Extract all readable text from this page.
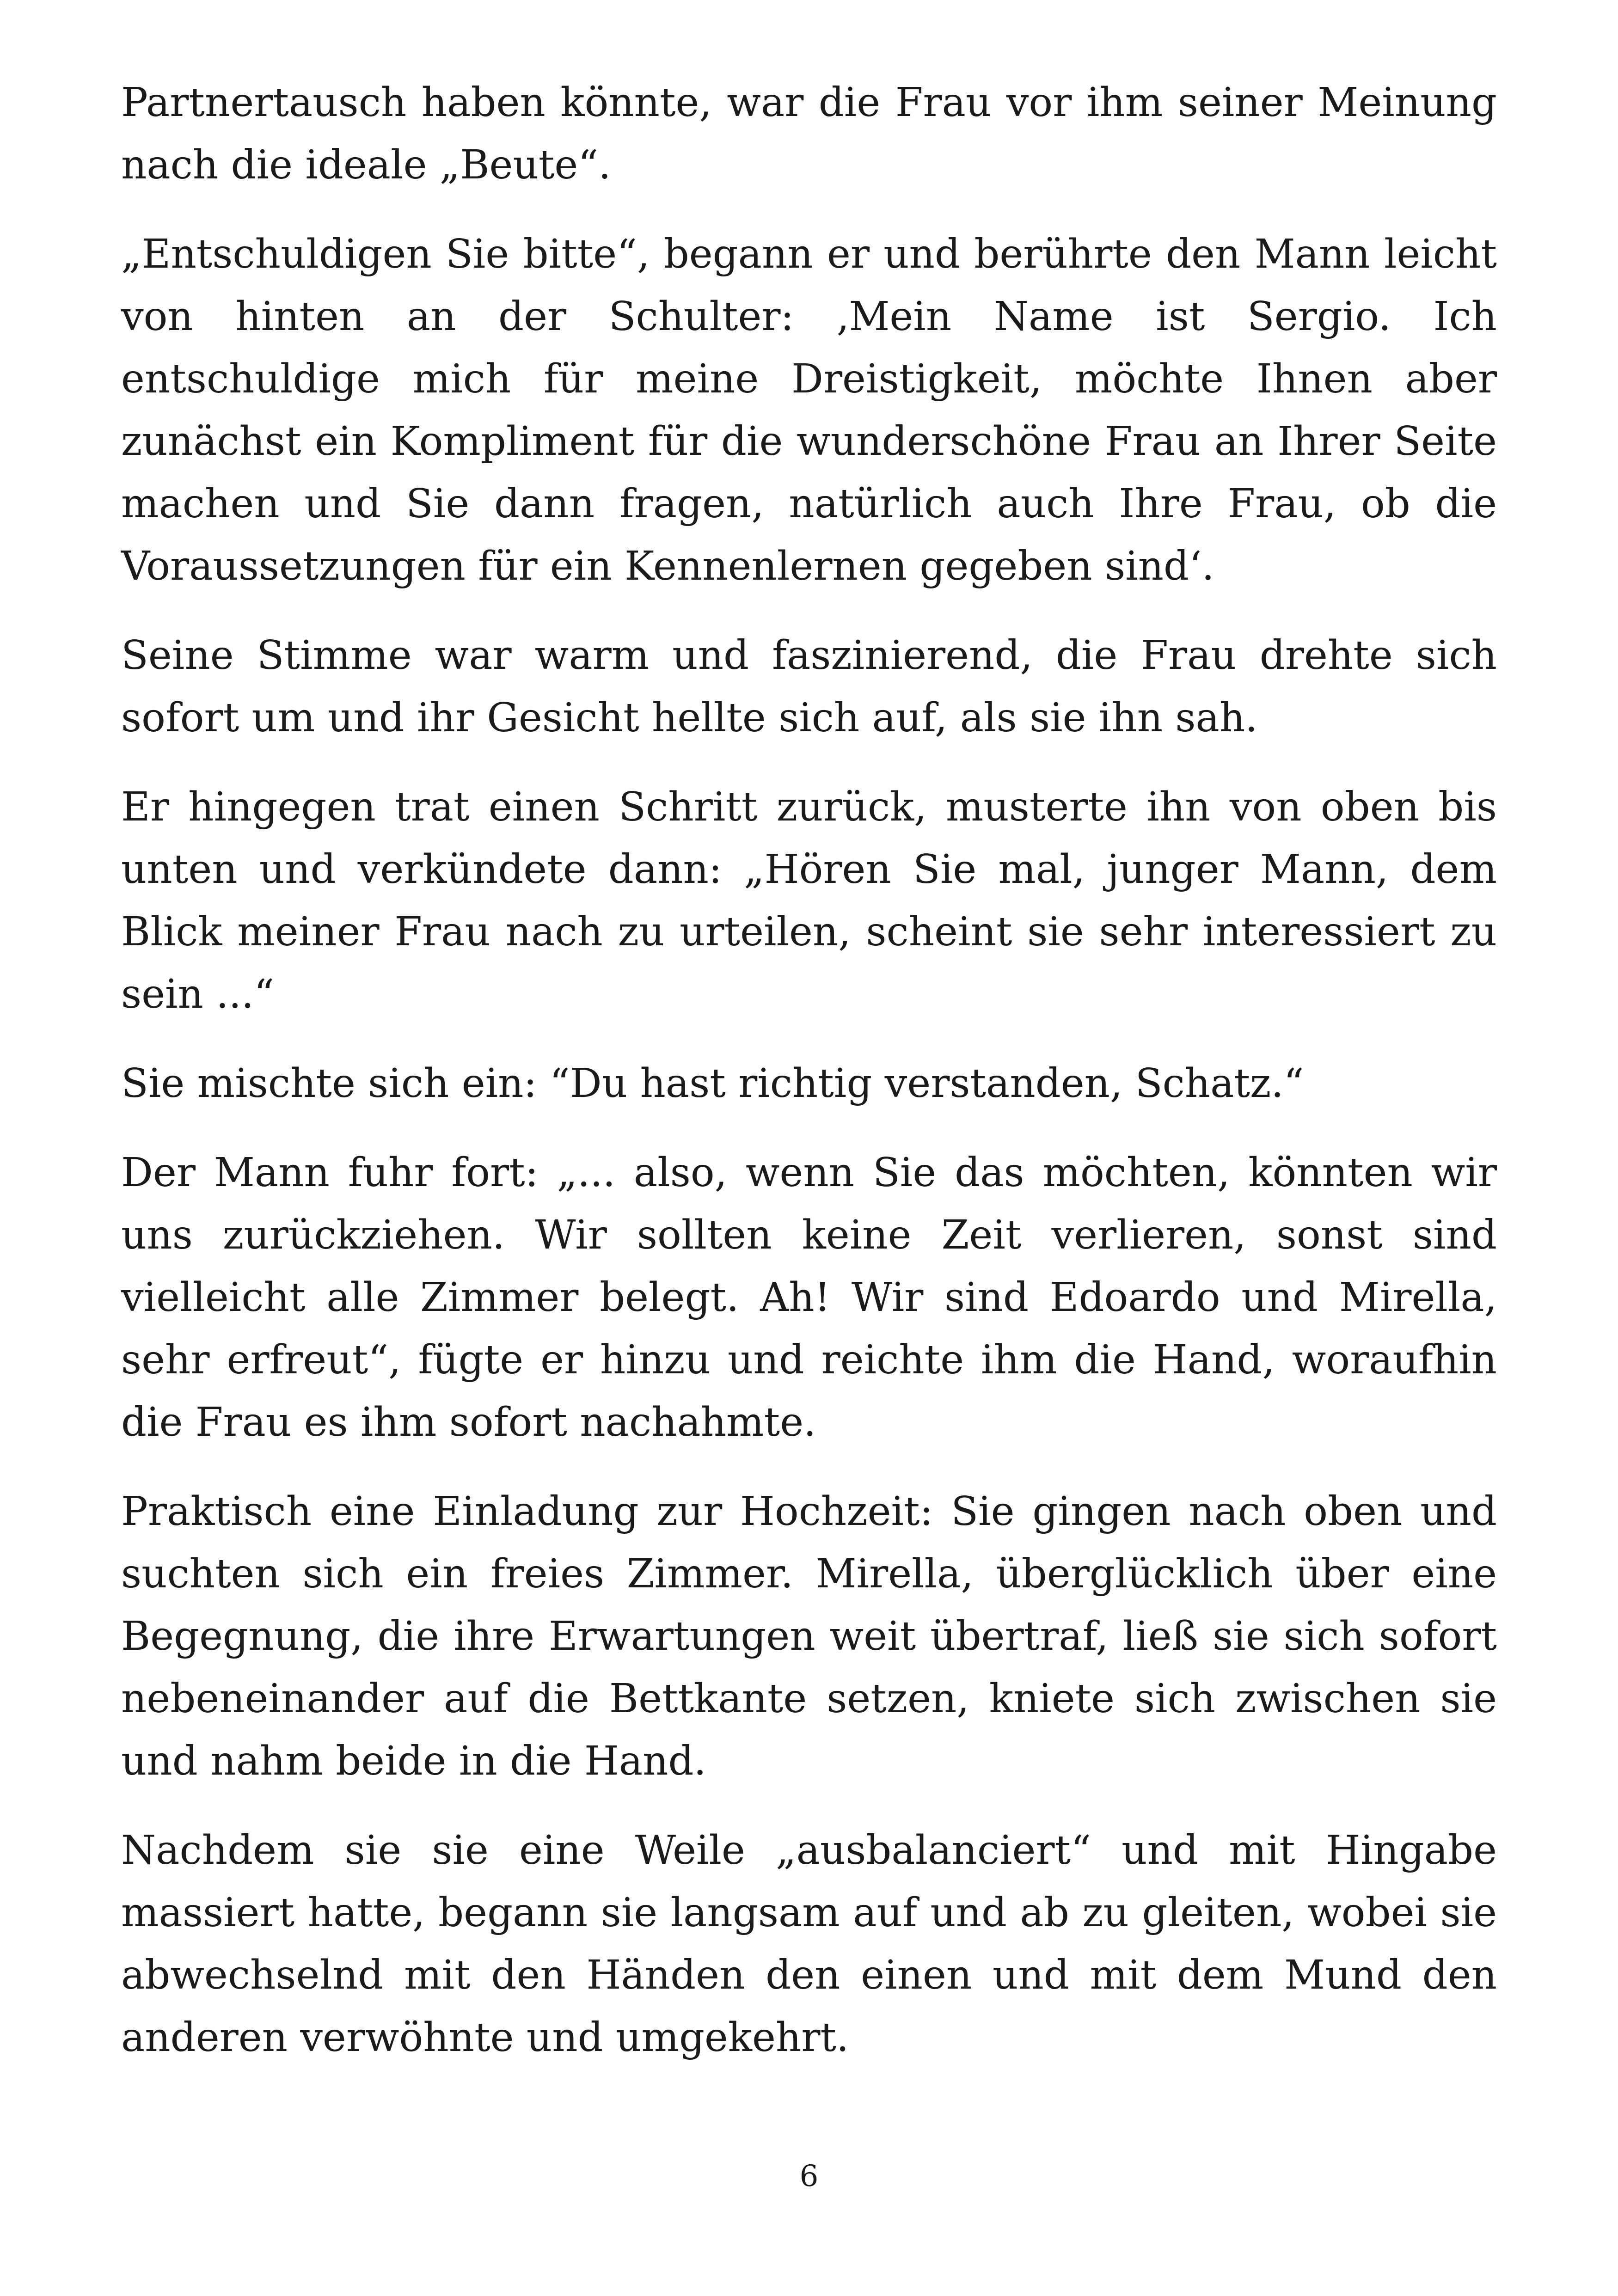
Partnertausch haben könnte, war die Frau vor ihm seiner Meinung nach die ideale „Beute“.

„Entschuldigen Sie bitte“, begann er und berührte den Mann leicht von hinten an der Schulter: ‚Mein Name ist Sergio. Ich entschuldige mich für meine Dreistigkeit, möchte Ihnen aber zunächst ein Kompliment für die wunderschöne Frau an Ihrer Seite machen und Sie dann fragen, natürlich auch Ihre Frau, ob die Voraussetzungen für ein Kennenlernen gegeben sind‘.

Seine Stimme war warm und faszinierend, die Frau drehte sich sofort um und ihr Gesicht hellte sich auf, als sie ihn sah.

Er hingegen trat einen Schritt zurück, musterte ihn von oben bis unten und verkündete dann: „Hören Sie mal, junger Mann, dem Blick meiner Frau nach zu urteilen, scheint sie sehr interessiert zu sein ...“

Sie mischte sich ein: “Du hast richtig verstanden, Schatz.“

Der Mann fuhr fort: „... also, wenn Sie das möchten, könnten wir uns zurückziehen. Wir sollten keine Zeit verlieren, sonst sind vielleicht alle Zimmer belegt. Ah! Wir sind Edoardo und Mirella, sehr erfreut“, fügte er hinzu und reichte ihm die Hand, woraufhin die Frau es ihm sofort nachahmte.

Praktisch eine Einladung zur Hochzeit: Sie gingen nach oben und suchten sich ein freies Zimmer. Mirella, überglücklich über eine Begegnung, die ihre Erwartungen weit übertraf, ließ sie sich sofort nebeneinander auf die Bettkante setzen, kniete sich zwischen sie und nahm beide in die Hand.

Nachdem sie sie eine Weile „ausbalanciert“ und mit Hingabe massiert hatte, begann sie langsam auf und ab zu gleiten, wobei sie abwechselnd mit den Händen den einen und mit dem Mund den anderen verwöhnte und umgekehrt.

6
